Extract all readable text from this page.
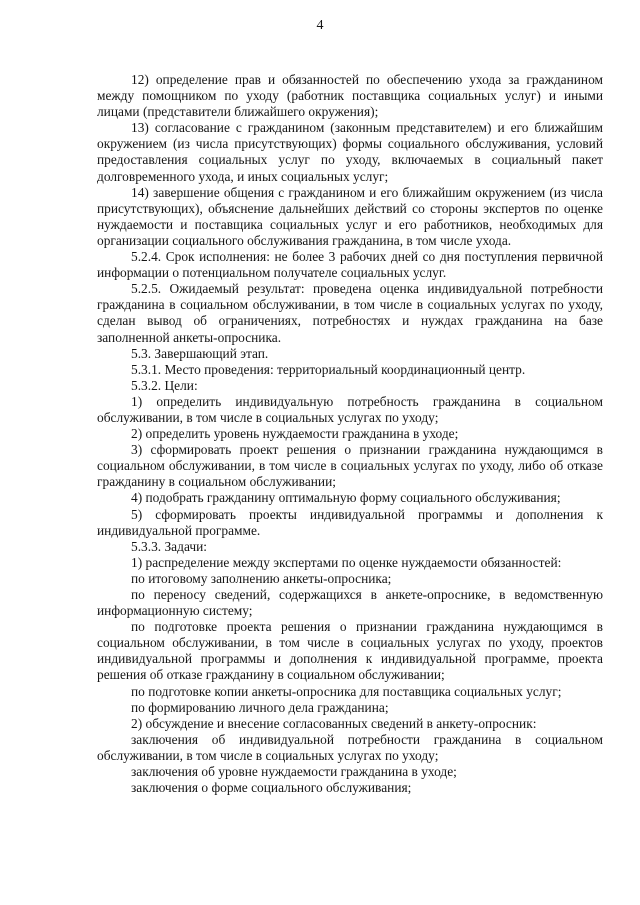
4

12) определение прав и обязанностей по обеспечению ухода за гражданином между помощником по уходу (работник поставщика социальных услуг) и иными лицами (представители ближайшего окружения);

13) согласование с гражданином (законным представителем) и его ближайшим окружением (из числа присутствующих) формы социального обслуживания, условий предоставления социальных услуг по уходу, включаемых в социальный пакет долговременного ухода, и иных социальных услуг;

14) завершение общения с гражданином и его ближайшим окружением (из числа присутствующих), объяснение дальнейших действий со стороны экспертов по оценке нуждаемости и поставщика социальных услуг и его работников, необходимых для организации социального обслуживания гражданина, в том числе ухода.

5.2.4. Срок исполнения: не более 3 рабочих дней со дня поступления первичной информации о потенциальном получателе социальных услуг.

5.2.5. Ожидаемый результат: проведена оценка индивидуальной потребности гражданина в социальном обслуживании, в том числе в социальных услугах по уходу, сделан вывод об ограничениях, потребностях и нуждах гражданина на базе заполненной анкеты-опросника.

5.3. Завершающий этап.

5.3.1. Место проведения: территориальный координационный центр.

5.3.2. Цели:

1) определить индивидуальную потребность гражданина в социальном обслуживании, в том числе в социальных услугах по уходу;

2) определить уровень нуждаемости гражданина в уходе;

3) сформировать проект решения о признании гражданина нуждающимся в социальном обслуживании, в том числе в социальных услугах по уходу, либо об отказе гражданину в социальном обслуживании;

4) подобрать гражданину оптимальную форму социального обслуживания;

5) сформировать проекты индивидуальной программы и дополнения к индивидуальной программе.

5.3.3. Задачи:

1) распределение между экспертами по оценке нуждаемости обязанностей:

по итоговому заполнению анкеты-опросника;

по переносу сведений, содержащихся в анкете-опроснике, в ведомственную информационную систему;

по подготовке проекта решения о признании гражданина нуждающимся в социальном обслуживании, в том числе в социальных услугах по уходу, проектов индивидуальной программы и дополнения к индивидуальной программе, проекта решения об отказе гражданину в социальном обслуживании;

по подготовке копии анкеты-опросника для поставщика социальных услуг;

по формированию личного дела гражданина;

2) обсуждение и внесение согласованных сведений в анкету-опросник:

заключения об индивидуальной потребности гражданина в социальном обслуживании, в том числе в социальных услугах по уходу;

заключения об уровне нуждаемости гражданина в уходе;

заключения о форме социального обслуживания;
